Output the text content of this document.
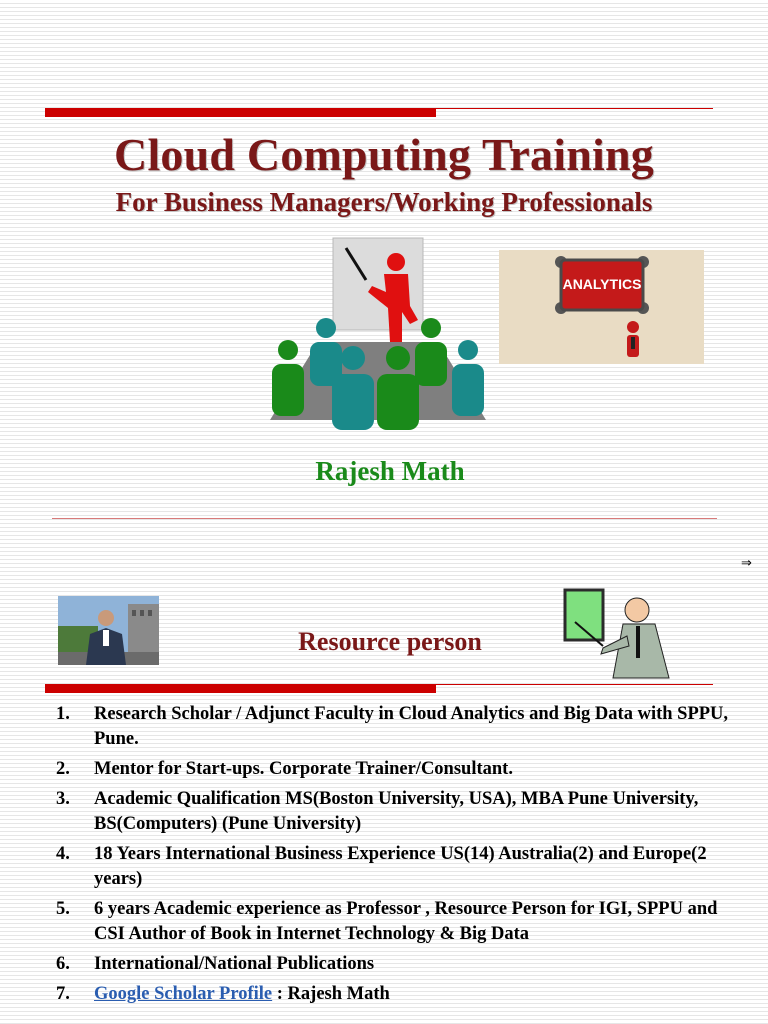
Cloud Computing Training
For Business Managers/Working Professionals
ANALYTICS
Rajesh Math
⇒
Resource person
1. Research Scholar / Adjunct Faculty in Cloud Analytics and Big Data with SPPU, Pune.
2. Mentor for Start-ups. Corporate Trainer/Consultant.
3. Academic Qualification MS(Boston University, USA), MBA Pune University, BS(Computers) (Pune University)
4. 18 Years International Business Experience US(14) Australia(2) and Europe(2 years)
5. 6 years Academic experience as Professor , Resource Person for IGI, SPPU and CSI Author of Book in Internet Technology & Big Data
6. International/National Publications
7. Google Scholar Profile : Rajesh Math
